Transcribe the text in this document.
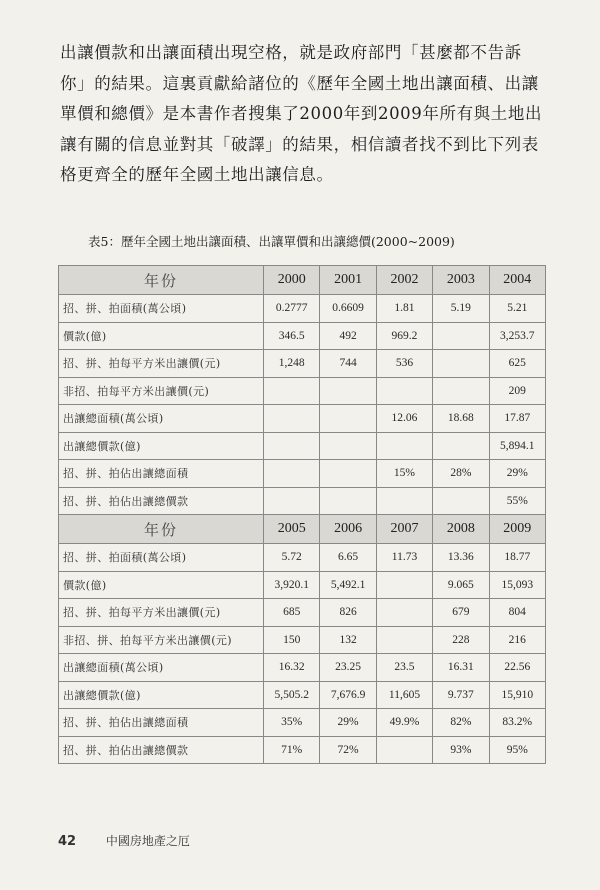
出讓價款和出讓面積出現空格，就是政府部門「甚麼都不告訴
你」的結果。這裏貢獻給諸位的《歷年全國土地出讓面積、出讓
單價和總價》是本書作者搜集了2000年到2009年所有與土地出
讓有關的信息並對其「破譯」的結果，相信讀者找不到比下列表
格更齊全的歷年全國土地出讓信息。
表5：歷年全國土地出讓面積、出讓單價和出讓總價(2000~2009)
年份	2000	2001	2002	2003	2004
招、拼、拍面積(萬公頃)	0.2777	0.6609	1.81	5.19	5.21
價款(億)	346.5	492	969.2		3,253.7
招、拼、拍每平方米出讓價(元)	1,248	744	536		625
非招、拍每平方米出讓價(元)					209
出讓總面積(萬公頃)			12.06	18.68	17.87
出讓總價款(億)					5,894.1
招、拼、拍佔出讓總面積			15%	28%	29%
招、拼、拍佔出讓總價款					55%
年份	2005	2006	2007	2008	2009
招、拼、拍面積(萬公頃)	5.72	6.65	11.73	13.36	18.77
價款(億)	3,920.1	5,492.1		9.065	15,093
招、拼、拍每平方米出讓價(元)	685	826		679	804
非招、拼、拍每平方米出讓價(元)	150	132		228	216
出讓總面積(萬公頃)	16.32	23.25	23.5	16.31	22.56
出讓總價款(億)	5,505.2	7,676.9	11,605	9.737	15,910
招、拼、拍佔出讓總面積	35%	29%	49.9%	82%	83.2%
招、拼、拍佔出讓總價款	71%	72%		93%	95%
42 中國房地產之厄
